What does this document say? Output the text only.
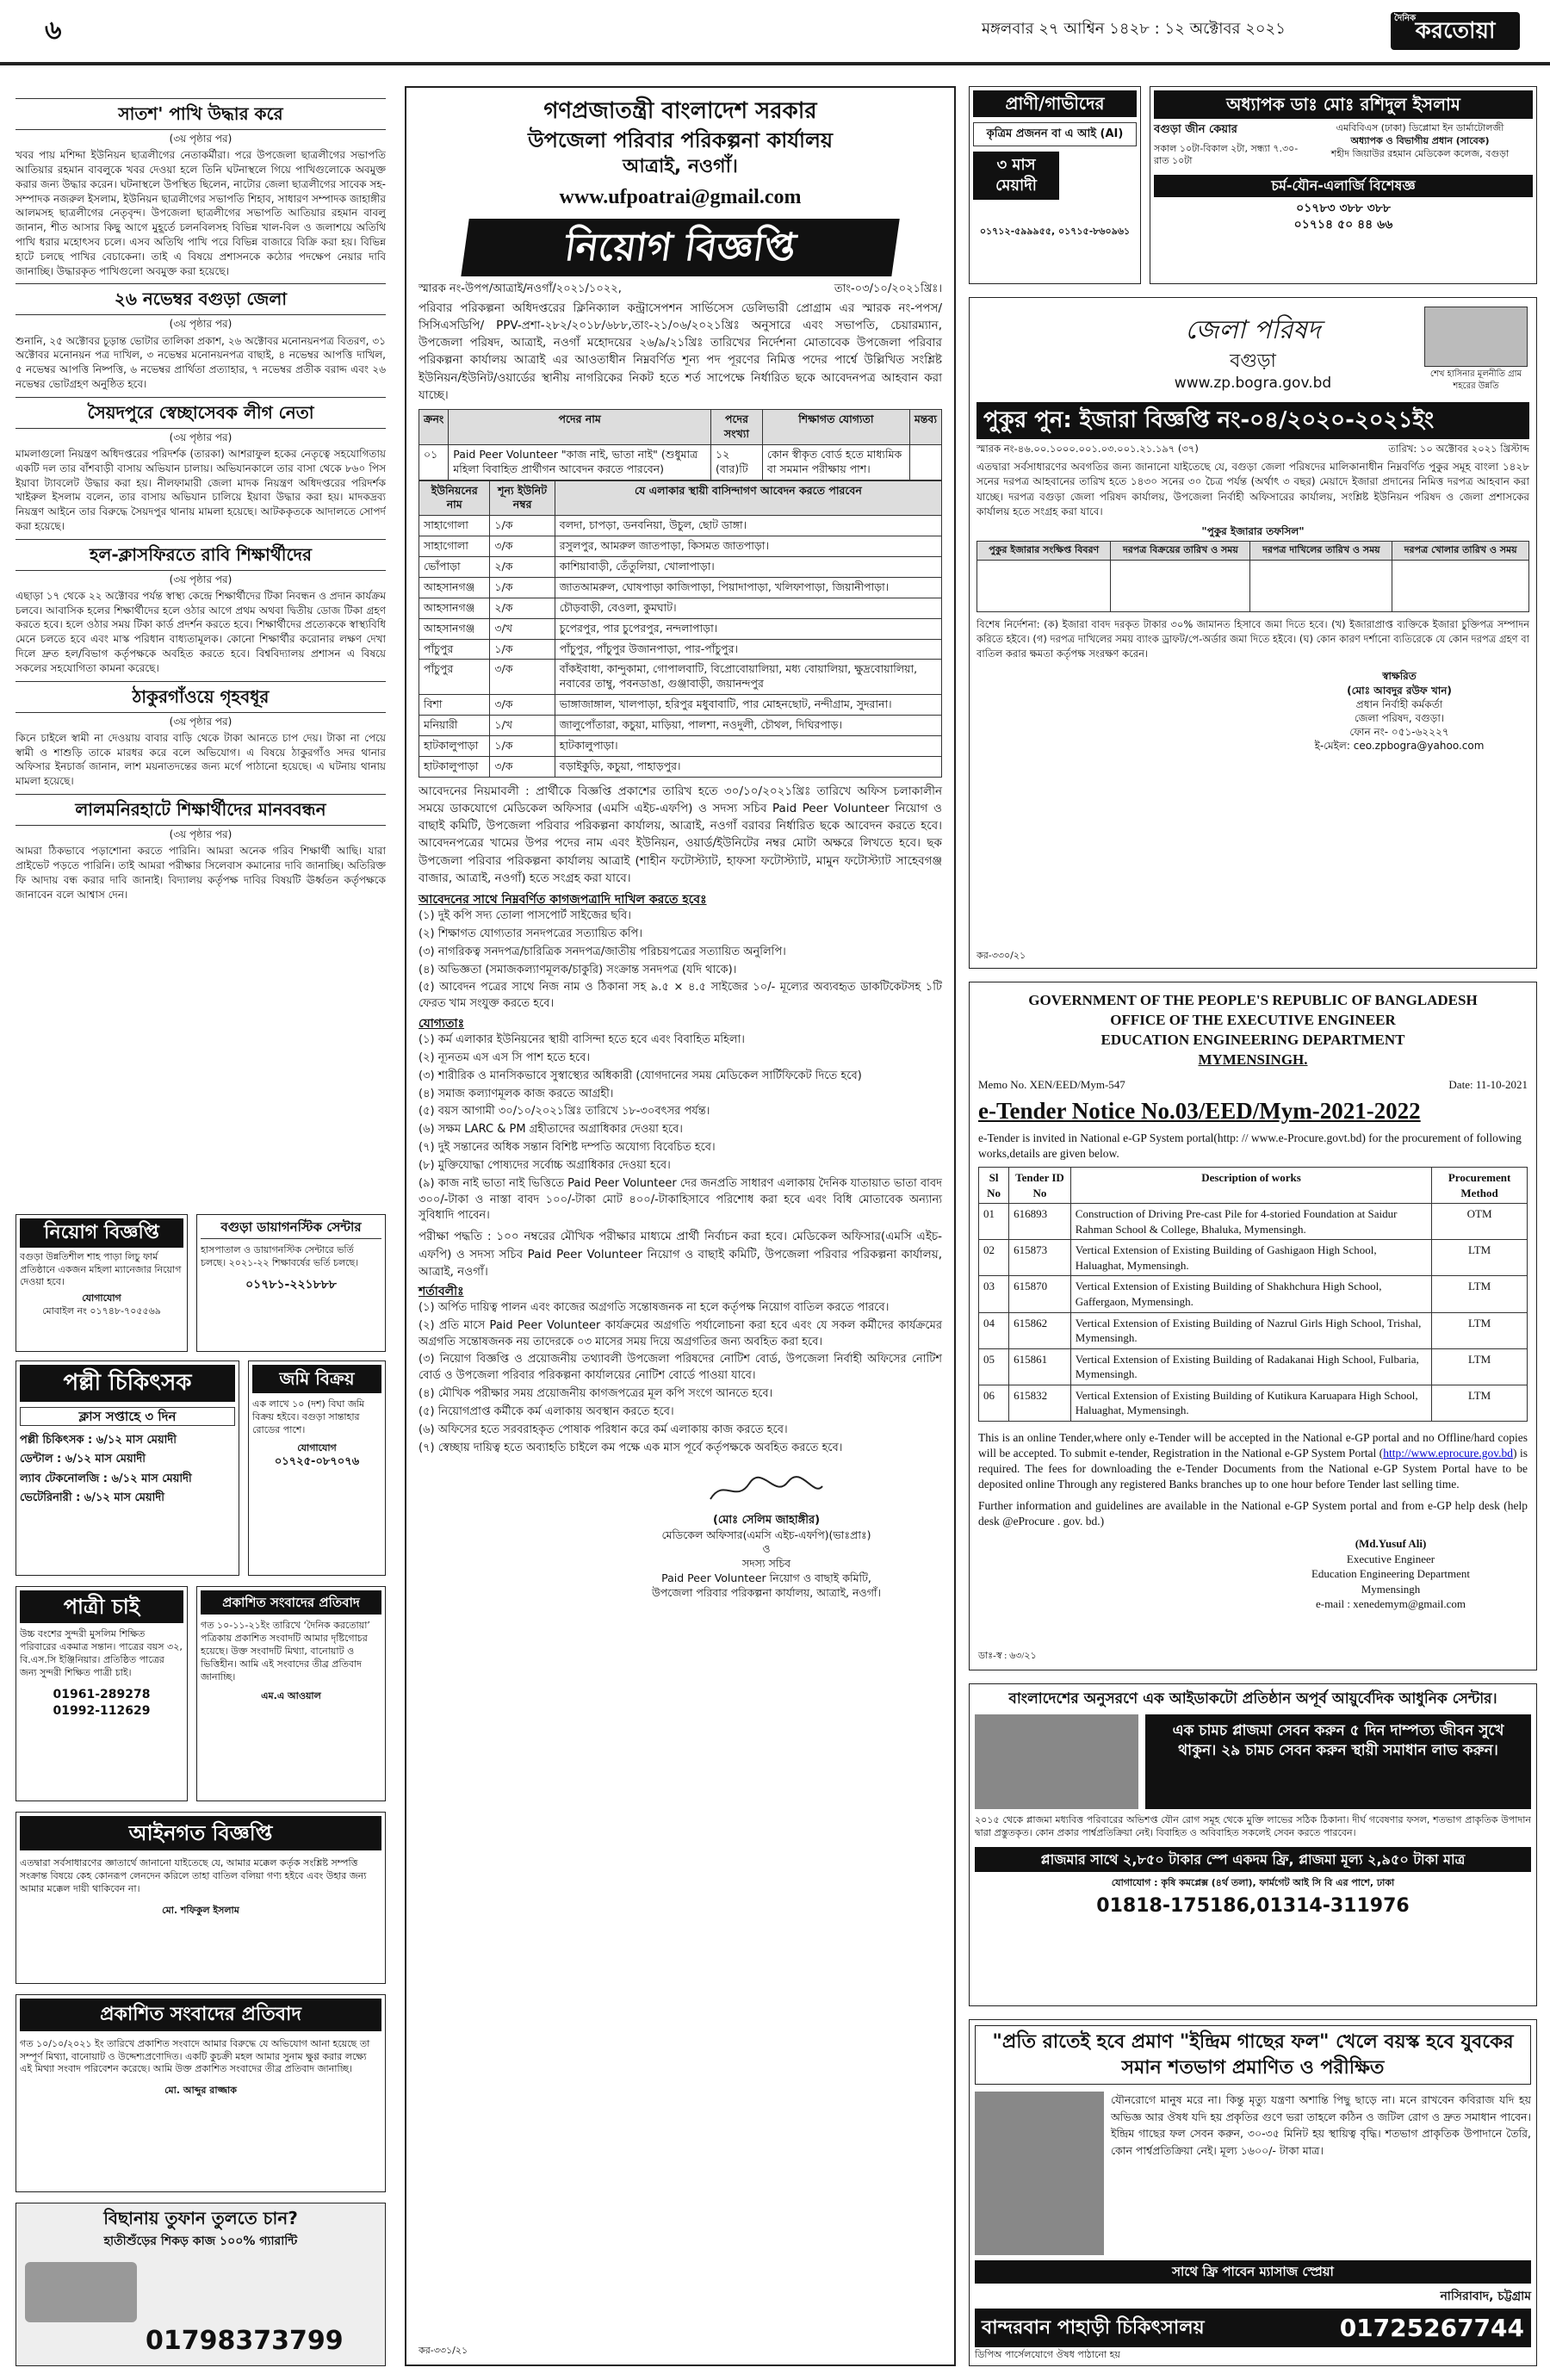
৬	মঙ্গলবার ২৭ আশ্বিন ১৪২৮ : ১২ অক্টোবর ২০২১
দৈনিক করতোয়া
সাতশ' পাখি উদ্ধার করে
(৩য় পৃষ্ঠার পর)

খবর পায় মশিদ্দা ইউনিয়ন ছাত্রলীগের নেতাকর্মীরা। পরে উপজেলা ছাত্রলীগের সভাপতি আতিয়ার রহমান বাবলুকে খবর দেওয়া হলে তিনি ঘটনাস্থলে গিয়ে পাখিগুলোকে অবমুক্ত করার জন্য উদ্ধার করেন। ঘটনাস্থলে উপস্থিত ছিলেন, নাটোর জেলা ছাত্রলীগের সাবেক সহ-সম্পাদক নজরুল ইসলাম, ইউনিয়ন ছাত্রলীগের সভাপতি শিহাব, সাধারণ সম্পাদক জাহাঙ্গীর আলমসহ ছাত্রলীগের নেতৃবৃন্দ। উপজেলা ছাত্রলীগের সভাপতি আতিয়ার রহমান বাবলু জানান, শীত আসার কিছু আগে মুহূর্তে চলনবিলসহ বিভিন্ন খাল-বিল ও জলাশয়ে অতিথি পাখি ধরার মহোৎসব চলে। এসব অতিথি পাখি পরে বিভিন্ন বাজারে বিক্রি করা হয়। বিভিন্ন হাটে চলছে পাখির বেচাকেনা। তাই এ বিষয়ে প্রশাসনকে কঠোর পদক্ষেপ নেয়ার দাবি জানাচ্ছি। উদ্ধারকৃত পাখিগুলো অবমুক্ত করা হয়েছে।

২৬ নভেম্বর বগুড়া জেলা
(৩য় পৃষ্ঠার পর)

শুনানি, ২৫ অক্টোবর চূড়ান্ত ভোটার তালিকা প্রকাশ, ২৬ অক্টোবর মনোনয়নপত্র বিতরণ, ৩১ অক্টোবর মনোনয়ন পত্র দাখিল, ৩ নভেম্বর মনোনয়নপত্র বাছাই, ৪ নভেম্বর আপত্তি দাখিল, ৫ নভেম্বর আপত্তি নিষ্পত্তি, ৬ নভেম্বর প্রার্থিতা প্রত্যাহার, ৭ নভেম্বর প্রতীক বরাদ্দ এবং ২৬ নভেম্বর ভোটগ্রহণ অনুষ্ঠিত হবে।

সৈয়দপুরে স্বেচ্ছাসেবক লীগ নেতা
(৩য় পৃষ্ঠার পর)

মামলাগুলো নিয়ন্ত্রণ অধিদপ্তরের পরিদর্শক (তারকা) আশরাফুল হকের নেতৃত্বে সহযোগিতায় একটি দল তার বাঁশবাড়ী বাসায় অভিযান চালায়। অভিযানকালে তার বাসা থেকে ৮৬০ পিস ইয়াবা ট্যাবলেট উদ্ধার করা হয়। নীলফামারী জেলা মাদক নিয়ন্ত্রণ অধিদপ্তরের পরিদর্শক খাইরুল ইসলাম বলেন, তার বাসায় অভিযান চালিয়ে ইয়াবা উদ্ধার করা হয়। মাদকদ্রব্য নিয়ন্ত্রণ আইনে তার বিরুদ্ধে সৈয়দপুর থানায় মামলা হয়েছে। আটককৃতকে আদালতে সোপর্দ করা হয়েছে।

হল-ক্লাসফিরতে রাবি শিক্ষার্থীদের
(৩য় পৃষ্ঠার পর)

এছাড়া ১৭ থেকে ২২ অক্টোবর পর্যন্ত স্বাস্থ্য কেন্দ্রে শিক্ষার্থীদের টিকা নিবন্ধন ও প্রদান কার্যক্রম চলবে। আবাসিক হলের শিক্ষার্থীদের হলে ওঠার আগে প্রথম অথবা দ্বিতীয় ডোজ টিকা গ্রহণ করতে হবে। হলে ওঠার সময় টিকা কার্ড প্রদর্শন করতে হবে। শিক্ষার্থীদের প্রত্যেককে স্বাস্থ্যবিধি মেনে চলতে হবে এবং মাস্ক পরিধান বাধ্যতামূলক। কোনো শিক্ষার্থীর করোনার লক্ষণ দেখা দিলে দ্রুত হল/বিভাগ কর্তৃপক্ষকে অবহিত করতে হবে। বিশ্ববিদ্যালয় প্রশাসন এ বিষয়ে সকলের সহযোগিতা কামনা করেছে।

ঠাকুরগাঁওয়ে গৃহবধূর
(৩য় পৃষ্ঠার পর)

কিনে চাইলে স্বামী না দেওয়ায় বাবার বাড়ি থেকে টাকা আনতে চাপ দেয়। টাকা না পেয়ে স্বামী ও শাশুড়ি তাকে মারধর করে বলে অভিযোগ। এ বিষয়ে ঠাকুরগাঁও সদর থানার অফিসার ইনচার্জ জানান, লাশ ময়নাতদন্তের জন্য মর্গে পাঠানো হয়েছে। এ ঘটনায় থানায় মামলা হয়েছে।

লালমনিরহাটে শিক্ষার্থীদের মানববন্ধন
(৩য় পৃষ্ঠার পর)

আমরা ঠিকভাবে পড়াশোনা করতে পারিনি। আমরা অনেক গরিব শিক্ষার্থী আছি। যারা প্রাইভেট পড়তে পারিনি। তাই আমরা পরীক্ষার সিলেবাস কমানোর দাবি জানাচ্ছি। অতিরিক্ত ফি আদায় বন্ধ করার দাবি জানাই। বিদ্যালয় কর্তৃপক্ষ দাবির বিষয়টি ঊর্ধ্বতন কর্তৃপক্ষকে জানাবেন বলে আশ্বাস দেন।

নিয়োগ বিজ্ঞপ্তি
বগুড়া উন্নতিশীল শাহ পাড়া লিচু ফার্ম প্রতিষ্ঠানে একজন মহিলা ম্যানেজার নিয়োগ দেওয়া হবে।
যোগাযোগ
মোবাইল নং ০১৭৪৮-৭০৫৫৬৯
বগুড়া ডায়াগনস্টিক সেন্টার
হাসপাতাল ও ডায়াগনস্টিক সেন্টারে ভর্তি চলছে। ২০২১-২২ শিক্ষাবর্ষের ভর্তি চলছে।
০১৭৮১-২২১৮৮৮
পল্লী চিকিৎসক
ক্লাস সপ্তাহে ৩ দিন
পল্লী চিকিৎসক : ৬/১২ মাস মেয়াদী
ডেন্টাল : ৬/১২ মাস মেয়াদী
ল্যাব টেকনোলজি : ৬/১২ মাস মেয়াদী
ভেটেরিনারী : ৬/১২ মাস মেয়াদী
জমি বিক্রয়
এক লাখে ১০ (দশ) বিঘা জমি বিক্রয় হইবে। বগুড়া সান্তাহার রোডের পাশে।
যোগাযোগ
০১৭২৫-০৮৭০৭৬
পাত্রী চাই
উচ্চ বংশের সুন্দরী মুসলিম শিক্ষিত পরিবারের একমাত্র সন্তান। পাত্রের বয়স ৩২, বি.এস.সি ইঞ্জিনিয়ার। প্রতিষ্ঠিত পাত্রের জন্য সুন্দরী শিক্ষিত পাত্রী চাই।
01961-289278
01992-112629
প্রকাশিত সংবাদের প্রতিবাদ
গত ১০-১১-২১ইং তারিখে ‘দৈনিক করতোয়া’ পত্রিকায় প্রকাশিত সংবাদটি আমার দৃষ্টিগোচর হয়েছে। উক্ত সংবাদটি মিথ্যা, বানোয়াট ও ভিত্তিহীন। আমি এই সংবাদের তীব্র প্রতিবাদ জানাচ্ছি।
এম.এ আওয়াল
আইনগত বিজ্ঞপ্তি
এতদ্বারা সর্বসাধারণের জ্ঞাতার্থে জানানো যাইতেছে যে, আমার মক্কেল কর্তৃক সংশ্লিষ্ট সম্পত্তি সংক্রান্ত বিষয়ে কেহ কোনরূপ লেনদেন করিলে তাহা বাতিল বলিয়া গণ্য হইবে এবং উহার জন্য আমার মক্কেল দায়ী থাকিবেন না।
মো. শফিকুল ইসলাম
প্রকাশিত সংবাদের প্রতিবাদ
গত ১০/১০/২০২১ ইং তারিখে প্রকাশিত সংবাদে আমার বিরুদ্ধে যে অভিযোগ আনা হয়েছে তা সম্পূর্ণ মিথ্যা, বানোয়াট ও উদ্দেশ্যপ্রণোদিত। একটি কুচক্রী মহল আমার সুনাম ক্ষুণ্ণ করার লক্ষ্যে এই মিথ্যা সংবাদ পরিবেশন করেছে। আমি উক্ত প্রকাশিত সংবাদের তীব্র প্রতিবাদ জানাচ্ছি।
মো. আব্দুর রাজ্জাক
বিছানায় তুফান তুলতে চান?
হাতীশুঁড়ের শিকড় কাজ ১০০% গ্যারান্টি
01798373799
গণপ্রজাতন্ত্রী বাংলাদেশ সরকার
উপজেলা পরিবার পরিকল্পনা কার্যালয়
আত্রাই, নওগাঁ।
www.ufpoatrai@gmail.com
নিয়োগ বিজ্ঞপ্তি
স্মারক নং-উপপ/আত্রাই/নওগাঁ/২০২১/১০২২,	তাং-০৩/১০/২০২১খ্রিঃ।

পরিবার পরিকল্পনা অধিদপ্তরের ক্লিনিক্যাল কন্ট্রাসেপশন সার্ভিসেস ডেলিভারী প্রোগ্রাম এর স্মারক নং-পপস/ সিসিএসডিপি/ PPV-প্রশা-২৮২/২০১৮/৬৮৮,তাং-২১/০৬/২০২১খ্রিঃ অনুসারে এবং সভাপতি, চেয়ারম্যান, উপজেলা পরিষদ, আত্রাই, নওগাঁ মহোদয়ের ২৬/৯/২১খ্রিঃ তারিখের নির্দেশনা মোতাবেক উপজেলা পরিবার পরিকল্পনা কার্যালয় আত্রাই এর আওতাধীন নিম্নবর্ণিত শূন্য পদ পূরণের নিমিত্ত পদের পার্শ্বে উল্লিখিত সংশ্লিষ্ট ইউনিয়ন/ইউনিট/ওয়ার্ডের স্থানীয় নাগরিকের নিকট হতে শর্ত সাপেক্ষে নির্ধারিত ছকে আবেদনপত্র আহবান করা যাচ্ছে।

ক্রনং	পদের নাম	পদের সংখ্যা	শিক্ষাগত যোগ্যতা	মন্তব্য
০১	Paid Peer Volunteer "কাজ নাই, ভাতা নাই" (শুধুমাত্র মহিলা বিবাহিত প্রার্থীগন আবেদন করতে পারবেন)	১২ (বার)টি	কোন স্বীকৃত বোর্ড হতে মাধ্যমিক বা সমমান পরীক্ষায় পাশ।	
ইউনিয়নের নাম	শূন্য ইউনিট নম্বর	যে এলাকার স্থায়ী বাসিন্দাগণ আবেদন করতে পারবেন
সাহাগোলা	১/ক	বলদা, চাপড়া, ডনবনিয়া, উচুল, ছোট ডাঙ্গা।
সাহাগোলা	৩/ক	রসুলপুর, আমরুল জাতপাড়া, কিসমত জাতপাড়া।
ভোঁপাড়া	২/ক	কাশিয়াবাড়ী, তেঁতুলিয়া, খোলাপাড়া।
আহসানগঞ্জ	১/ক	জাতআমরুল, ঘোষপাড়া কাজিপাড়া, পিয়াদাপাড়া, খলিফাপাড়া, জিয়ানীপাড়া।
আহসানগঞ্জ	২/ক	চৌড়বাড়ী, বেওলা, কুমঘাট।
আহসানগঞ্জ	৩/খ	চুপেরপুর, পার চুপেরপুর, নন্দলাপাড়া।
পাঁচুপুর	১/ক	পাঁচুপুর, পাঁচুপুর উজানপাড়া, পার-পাঁচুপুর।
পাঁচুপুর	৩/ক	বাঁকইবাধা, কান্দুকামা, গোপালবাটি, বিপ্রোবোয়ালিয়া, মধ্য বোয়ালিয়া, ক্ষুদ্রবোয়ালিয়া, নবাবের তাম্বু, পবনডাঙা, গুঞ্জাবাড়ী, জয়ানন্দপুর
বিশা	৩/ক	ভাঙ্গাজাঙ্গাল, খালপাড়া, হরিপুর মধুবাবাটি, পার মোহনছোট, নন্দীগ্রাম, সুদরানা।
মনিয়ারী	১/খ	জালুপোঁতারা, কচুয়া, মাড়িয়া, পালশা, নওদুলী, চৌথল, দিঘিরপাড়।
হাটকালুপাড়া	১/ক	হাটকালুপাড়া।
হাটকালুপাড়া	৩/ক	বড়াইকুড়ি, কচুয়া, পাহাড়পুর।

আবেদনের নিয়মাবলী : প্রার্থীকে বিজ্ঞপ্তি প্রকাশের তারিখ হতে ৩০/১০/২০২১খ্রিঃ তারিখে অফিস চলাকালীন সময়ে ডাকযোগে মেডিকেল অফিসার (এমসি এইচ-এফপি) ও সদস্য সচিব Paid Peer Volunteer নিয়োগ ও বাছাই কমিটি, উপজেলা পরিবার পরিকল্পনা কার্যালয়, আত্রাই, নওগাঁ বরাবর নির্ধারিত ছকে আবেদন করতে হবে। আবেদনপত্রের খামের উপর পদের নাম এবং ইউনিয়ন, ওয়ার্ড/ইউনিটের নম্বর মোটা অক্ষরে লিখতে হবে। ছক উপজেলা পরিবার পরিকল্পনা কার্যালয় আত্রাই (শাহীন ফটোস্ট্যাট, হাফসা ফটোস্ট্যাট, মামুন ফটোস্ট্যাট সাহেবগঞ্জ বাজার, আত্রাই, নওগাঁ) হতে সংগ্রহ করা যাবে।

আবেদনের সাথে নিম্নবর্ণিত কাগজপত্রাদি দাখিল করতে হবেঃ
(১) দুই কপি সদ্য তোলা পাসপোর্ট সাইজের ছবি।
(২) শিক্ষাগত যোগ্যতার সনদপত্রের সত্যায়িত কপি।
(৩) নাগরিকত্ব সনদপত্র/চারিত্রিক সনদপত্র/জাতীয় পরিচয়পত্রের সত্যায়িত অনুলিপি।
(৪) অভিজ্ঞতা (সমাজকল্যাণমূলক/চাকুরি) সংক্রান্ত সনদপত্র (যদি থাকে)।
(৫) আবেদন পত্রের সাথে নিজ নাম ও ঠিকানা সহ ৯.৫ × ৪.৫ সাইজের ১০/- মূল্যের অব্যবহৃত ডাকটিকেটসহ ১টি ফেরত খাম সংযুক্ত করতে হবে।
যোগ্যতাঃ
(১) কর্ম এলাকার ইউনিয়নের স্থায়ী বাসিন্দা হতে হবে এবং বিবাহিত মহিলা।
(২) ন্যূনতম এস এস সি পাশ হতে হবে।
(৩) শারীরিক ও মানসিকভাবে সুস্বাস্থ্যের অধিকারী (যোগদানের সময় মেডিকেল সার্টিফিকেট দিতে হবে)
(৪) সমাজ কল্যাণমূলক কাজ করতে আগ্রহী।
(৫) বয়স আগামী ৩০/১০/২০২১খ্রিঃ তারিখে ১৮-৩০বৎসর পর্যন্ত।
(৬) সক্ষম LARC & PM গ্রহীতাদের অগ্রাধিকার দেওয়া হবে।
(৭) দুই সন্তানের অধিক সন্তান বিশিষ্ট দম্পতি অযোগ্য বিবেচিত হবে।
(৮) মুক্তিযোদ্ধা পোষ্যদের সর্বোচ্চ অগ্রাধিকার দেওয়া হবে।
(৯) কাজ নাই ভাতা নাই ভিত্তিতে Paid Peer Volunteer দের জনপ্রতি সাধারণ এলাকায় দৈনিক যাতায়াত ভাতা বাবদ ৩০০/-টাকা ও নাস্তা বাবদ ১০০/-টাকা মোট ৪০০/-টাকাহিসাবে পরিশোধ করা হবে এবং বিধি মোতাবেক অন্যান্য সুবিধাদি পাবেন।

পরীক্ষা পদ্ধতি : ১০০ নম্বরের মৌখিক পরীক্ষার মাধ্যমে প্রার্থী নির্বাচন করা হবে। মেডিকেল অফিসার(এমসি এইচ-এফপি) ও সদস্য সচিব Paid Peer Volunteer নিয়োগ ও বাছাই কমিটি, উপজেলা পরিবার পরিকল্পনা কার্যালয়, আত্রাই, নওগাঁ।

শর্তাবলীঃ
(১) অর্পিত দায়িত্ব পালন এবং কাজের অগ্রগতি সন্তোষজনক না হলে কর্তৃপক্ষ নিয়োগ বাতিল করতে পারবে।
(২) প্রতি মাসে Paid Peer Volunteer কার্যক্রমের অগ্রগতি পর্যালোচনা করা হবে এবং যে সকল কর্মীদের কার্যক্রমের অগ্রগতি সন্তোষজনক নয় তাদেরকে ০৩ মাসের সময় দিয়ে অগ্রগতির জন্য অবহিত করা হবে।
(৩) নিয়োগ বিজ্ঞপ্তি ও প্রয়োজনীয় তথ্যাবলী উপজেলা পরিষদের নোটিশ বোর্ড, উপজেলা নির্বাহী অফিসের নোটিশ বোর্ড ও উপজেলা পরিবার পরিকল্পনা কার্যালয়ের নোটিশ বোর্ডে পাওয়া যাবে।
(৪) মৌখিক পরীক্ষার সময় প্রয়োজনীয় কাগজপত্রের মূল কপি সংগে আনতে হবে।
(৫) নিয়োগপ্রাপ্ত কর্মীকে কর্ম এলাকায় অবস্থান করতে হবে।
(৬) অফিসের হতে সরবরাহকৃত পোষাক পরিধান করে কর্ম এলাকায় কাজ করতে হবে।
(৭) স্বেচ্ছায় দায়িত্ব হতে অব্যাহতি চাইলে কম পক্ষে এক মাস পূর্বে কর্তৃপক্ষকে অবহিত করতে হবে।
(মোঃ সেলিম জাহাঙ্গীর)
মেডিকেল অফিসার(এমসি এইচ-এফপি)(ভাঃপ্রাঃ)
ও
সদস্য সচিব
Paid Peer Volunteer নিয়োগ ও বাছাই কমিটি,
উপজেলা পরিবার পরিকল্পনা কার্যালয়, আত্রাই, নওগাঁ।
কর-৩৩১/২১
প্রাণী/গাভীদের
কৃত্রিম প্রজনন বা এ আই (AI)
৩ মাস মেয়াদী
০১৭১২-৫৯৯৯৫৫, ০১৭১৫-৮৬০৯৬১
অধ্যাপক ডাঃ মোঃ রশিদুল ইসলাম
বগুড়া জীন কেয়ার
সকাল ১০টা-বিকাল ২টা, সন্ধ্যা ৭.৩০-রাত ১০টা
এমবিবিএস (ঢাকা) ডিপ্লোমা ইন ডার্মাটোলজী
অধ্যাপক ও বিভাগীয় প্রধান (সাবেক)
শহীদ জিয়াউর রহমান মেডিকেল কলেজ, বগুড়া
চর্ম-যৌন-এলার্জি বিশেষজ্ঞ
০১৭৮৩ ৩৮৮ ৩৮৮
০১৭১৪ ৫০ ৪৪ ৬৬
জেলা পরিষদ
বগুড়া
www.zp.bogra.gov.bd
শেখ হাসিনার মূলনীতি গ্রাম শহরের উন্নতি
পুকুর পুন: ইজারা বিজ্ঞপ্তি নং-০৪/২০২০-২০২১ইং
স্মারক নং-৪৬.০০.১০০০.০০১.০৩.০০১.২১.১৯৭ (৩৭)	তারিখ: ১০ অক্টোবর ২০২১ খ্রিস্টাব্দ

এতদ্বারা সর্বসাধারণের অবগতির জন্য জানানো যাইতেছে যে, বগুড়া জেলা পরিষদের মালিকানাধীন নিম্নবর্ণিত পুকুর সমূহ বাংলা ১৪২৮ সনের দরপত্র আহবানের তারিখ হতে ১৪৩০ সনের ৩০ চৈত্র পর্যন্ত (অর্থাৎ ৩ বছর) মেয়াদে ইজারা প্রদানের নিমিত্ত দরপত্র আহবান করা যাচ্ছে। দরপত্র বগুড়া জেলা পরিষদ কার্যালয়, উপজেলা নির্বাহী অফিসারের কার্যালয়, সংশ্লিষ্ট ইউনিয়ন পরিষদ ও জেলা প্রশাসকের কার্যালয় হতে সংগ্রহ করা যাবে।

"পুকুর ইজারার তফসিল"
পুকুর ইজারার সংক্ষিপ্ত বিবরণ	দরপত্র বিক্রয়ের তারিখ ও সময়	দরপত্র দাখিলের তারিখ ও সময়	দরপত্র খোলার তারিখ ও সময়

বিশেষ নির্দেশনা: (ক) ইজারা বাবদ দরকৃত টাকার ৩০% জামানত হিসাবে জমা দিতে হবে। (খ) ইজারাপ্রাপ্ত ব্যক্তিকে ইজারা চুক্তিপত্র সম্পাদন করিতে হইবে। (গ) দরপত্র দাখিলের সময় ব্যাংক ড্রাফট/পে-অর্ডার জমা দিতে হইবে। (ঘ) কোন কারণ দর্শানো ব্যতিরেকে যে কোন দরপত্র গ্রহণ বা বাতিল করার ক্ষমতা কর্তৃপক্ষ সংরক্ষণ করেন।

স্বাক্ষরিত
(মোঃ আবদুর রউফ খান)
প্রধান নির্বাহী কর্মকর্তা
জেলা পরিষদ, বগুড়া।
ফোন নং- ০৫১-৬২২২৭
ই-মেইল: ceo.zpbogra@yahoo.com
কর-৩৩০/২১
GOVERNMENT OF THE PEOPLE'S REPUBLIC OF BANGLADESH
OFFICE OF THE EXECUTIVE ENGINEER
EDUCATION ENGINEERING DEPARTMENT
MYMENSINGH.
Memo No. XEN/EED/Mym-547	Date: 11-10-2021
e-Tender Notice No.03/EED/Mym-2021-2022

e-Tender is invited in National e-GP System portal(http: // www.e-Procure.govt.bd) for the procurement of following works,details are given below.

Sl No	Tender ID No	Description of works	Procurement Method
01	616893	Construction of Driving Pre-cast Pile for 4-storied Foundation at Saidur Rahman School & College, Bhaluka, Mymensingh.	OTM
02	615873	Vertical Extension of Existing Building of Gashigaon High School, Haluaghat, Mymensingh.	LTM
03	615870	Vertical Extension of Existing Building of Shakhchura High School, Gaffergaon, Mymensingh.	LTM
04	615862	Vertical Extension of Existing Building of Nazrul Girls High School, Trishal, Mymensingh.	LTM
05	615861	Vertical Extension of Existing Building of Radakanai High School, Fulbaria, Mymensingh.	LTM
06	615832	Vertical Extension of Existing Building of Kutikura Karuapara High School, Haluaghat, Mymensingh.	LTM

This is an online Tender,where only e-Tender will be accepted in the National e-GP portal and no Offline/hard copies will be accepted. To submit e-tender, Registration in the National e-GP System Portal (http://www.eprocure.gov.bd) is required. The fees for downloading the e-Tender Documents from the National e-GP System Portal have to be deposited online Through any registered Banks branches up to one hour before Tender last selling time.

Further information and guidelines are available in the National e-GP System portal and from e-GP help desk (help desk @eProcure . gov. bd.)

(Md.Yusuf Ali)
Executive Engineer
Education Engineering Department
Mymensingh
e-mail : xenedemym@gmail.com
ডাঃ-স্ব : ৬৩/২১
বাংলাদেশের অনুসরণে এক আইডাকটো প্রতিষ্ঠান অপূর্ব আয়ুর্বেদিক আধুনিক সেন্টার।
এক চামচ প্লাজমা সেবন করুন ৫ দিন দাম্পত্য জীবন সুখে থাকুন। ২৯ চামচ সেবন করুন স্থায়ী সমাধান লাভ করুন।

২০১৫ থেকে প্লাজমা মধ্যবিত্ত পরিবারের অভিশপ্ত যৌন রোগ সমূহ থেকে মুক্তি লাভের সঠিক ঠিকানা। দীর্ঘ গবেষণার ফসল, শতভাগ প্রাকৃতিক উপাদান দ্বারা প্রস্তুতকৃত। কোন প্রকার পার্শ্বপ্রতিক্রিয়া নেই। বিবাহিত ও অবিবাহিত সকলেই সেবন করতে পারবেন।

প্লাজমার সাথে ২,৮৫০ টাকার স্পে একদম ফ্রি, প্লাজমা মূল্য ২,৯৫০ টাকা মাত্র
যোগাযোগ : কৃষি কমপ্লেক্স (৪র্থ তলা), ফার্মগেট আই সি বি এর পাশে, ঢাকা
01818-175186,01314-311976
"প্রতি রাতেই হবে প্রমাণ "ইন্দ্রিম গাছের ফল" খেলে বয়স্ক হবে যুবকের সমান শতভাগ প্রমাণিত ও পরীক্ষিত

যৌনরোগে মানুষ মরে না। কিন্তু মৃত্যু যন্ত্রণা অশান্তি পিছু ছাড়ে না। মনে রাখবেন কবিরাজ যদি হয় অভিজ্ঞ আর ঔষধ যদি হয় প্রকৃতির গুণে ভরা তাহলে কঠিন ও জটিল রোগ ও দ্রুত সমাধান পাবেন। ইন্দ্রিম গাছের ফল সেবন করুন, ৩০-৩৫ মিনিট হয় স্থায়িত্ব বৃদ্ধি। শতভাগ প্রাকৃতিক উপাদানে তৈরি, কোন পার্শ্বপ্রতিক্রিয়া নেই। মূল্য ১৬০০/- টাকা মাত্র।

সাথে ফ্রি পাবেন ম্যাসাজ স্প্রেয়া
নাসিরাবাদ, চট্টগ্রাম
বান্দরবান পাহাড়ী চিকিৎসালয়	01725267744
ডিপিঅ পার্সেলযোগে ঔষধ পাঠানো হয়
